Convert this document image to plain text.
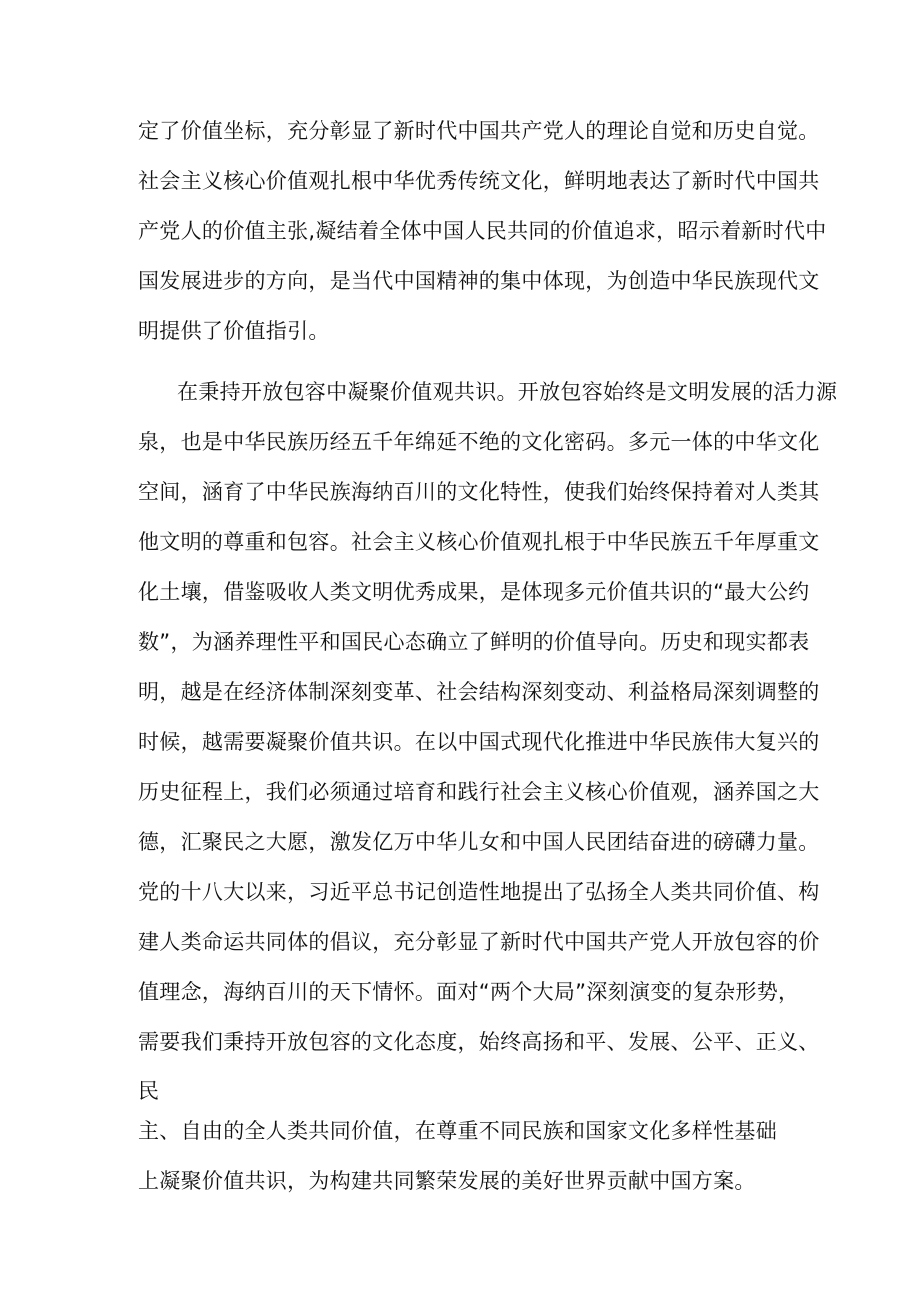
定了价值坐标，充分彰显了新时代中国共产党人的理论自觉和历史自觉。

社会主义核心价值观扎根中华优秀传统文化，鲜明地表达了新时代中国共

产党人的价值主张,凝结着全体中国人民共同的价值追求，昭示着新时代中

国发展进步的方向，是当代中国精神的集中体现，为创造中华民族现代文

明提供了价值指引。

在秉持开放包容中凝聚价值观共识。开放包容始终是文明发展的活力源

泉，也是中华民族历经五千年绵延不绝的文化密码。多元一体的中华文化

空间，涵育了中华民族海纳百川的文化特性，使我们始终保持着对人类其

他文明的尊重和包容。社会主义核心价值观扎根于中华民族五千年厚重文

化土壤，借鉴吸收人类文明优秀成果，是体现多元价值共识的“最大公约

数”，为涵养理性平和国民心态确立了鲜明的价值导向。历史和现实都表

明，越是在经济体制深刻变革、社会结构深刻变动、利益格局深刻调整的

时候，越需要凝聚价值共识。在以中国式现代化推进中华民族伟大复兴的

历史征程上，我们必须通过培育和践行社会主义核心价值观，涵养国之大

德，汇聚民之大愿，激发亿万中华儿女和中国人民团结奋进的磅礴力量。

党的十八大以来，习近平总书记创造性地提出了弘扬全人类共同价值、构

建人类命运共同体的倡议，充分彰显了新时代中国共产党人开放包容的价

值理念，海纳百川的天下情怀。面对“两个大局”深刻演变的复杂形势，

需要我们秉持开放包容的文化态度，始终高扬和平、发展、公平、正义、

民

主、自由的全人类共同价值，在尊重不同民族和国家文化多样性基础

上凝聚价值共识，为构建共同繁荣发展的美好世界贡献中国方案。
